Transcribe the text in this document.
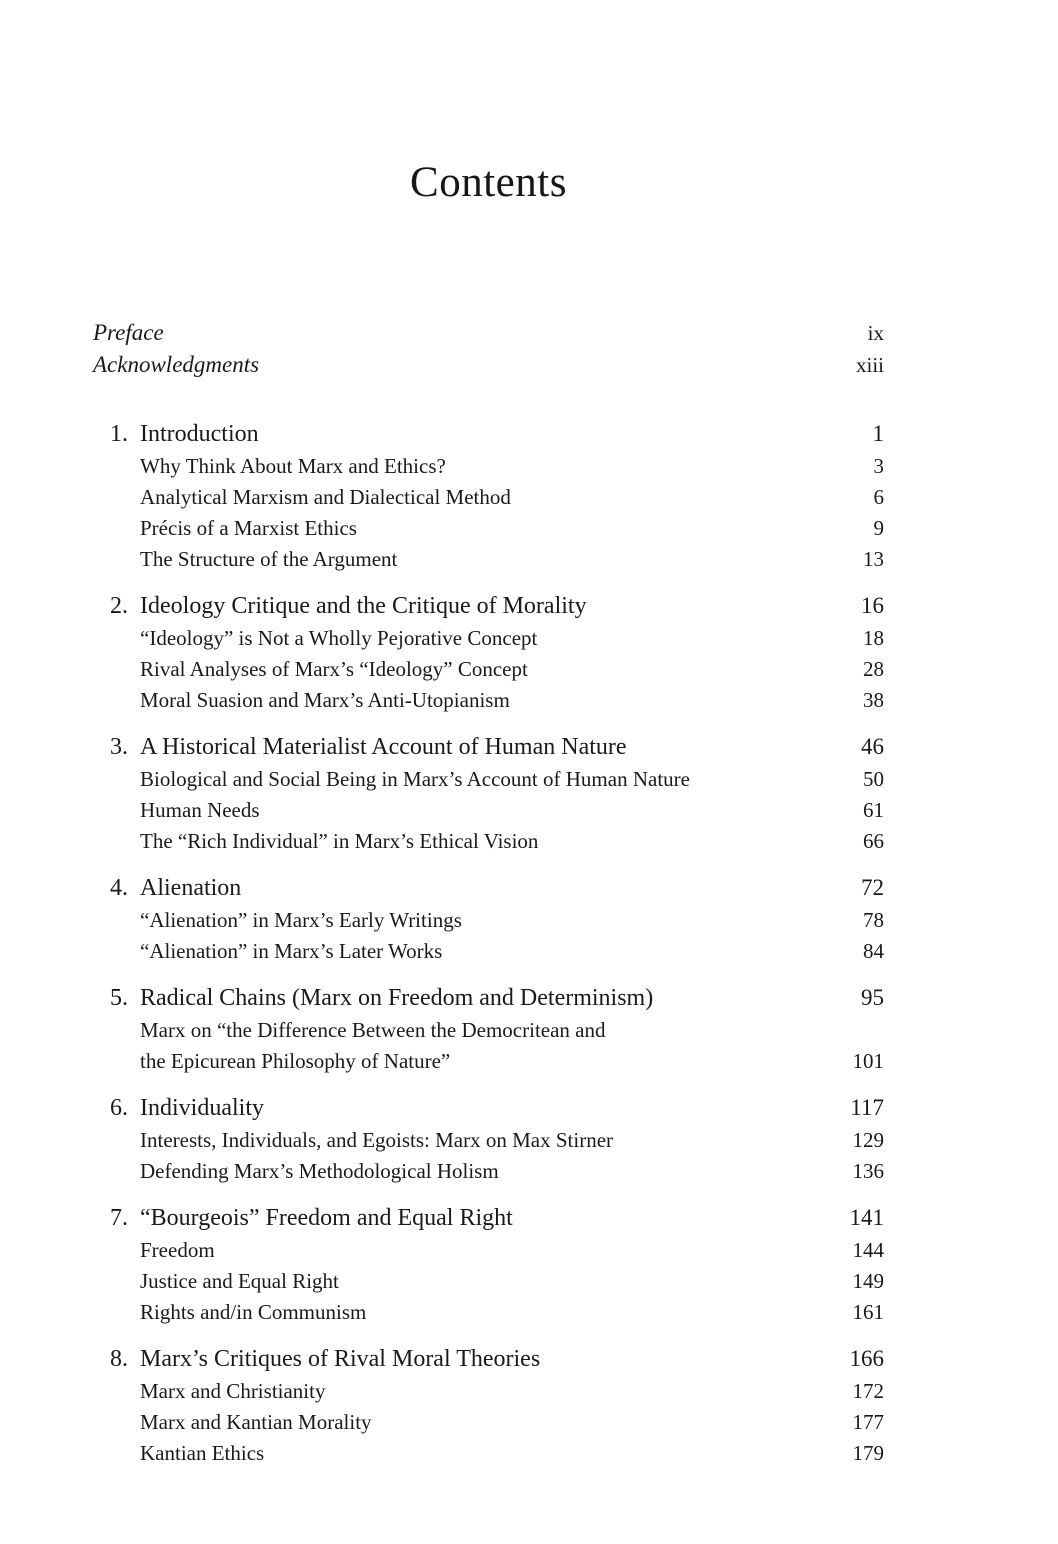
Contents
Preface	ix
Acknowledgments	xiii
1. Introduction	1
Why Think About Marx and Ethics?	3
Analytical Marxism and Dialectical Method	6
Précis of a Marxist Ethics	9
The Structure of the Argument	13
2. Ideology Critique and the Critique of Morality	16
“Ideology” is Not a Wholly Pejorative Concept	18
Rival Analyses of Marx’s “Ideology” Concept	28
Moral Suasion and Marx’s Anti-Utopianism	38
3. A Historical Materialist Account of Human Nature	46
Biological and Social Being in Marx’s Account of Human Nature	50
Human Needs	61
The “Rich Individual” in Marx’s Ethical Vision	66
4. Alienation	72
“Alienation” in Marx’s Early Writings	78
“Alienation” in Marx’s Later Works	84
5. Radical Chains (Marx on Freedom and Determinism)	95
Marx on “the Difference Between the Democritean and
the Epicurean Philosophy of Nature”	101
6. Individuality	117
Interests, Individuals, and Egoists: Marx on Max Stirner	129
Defending Marx’s Methodological Holism	136
7. “Bourgeois” Freedom and Equal Right	141
Freedom	144
Justice and Equal Right	149
Rights and/in Communism	161
8. Marx’s Critiques of Rival Moral Theories	166
Marx and Christianity	172
Marx and Kantian Morality	177
Kantian Ethics	179
